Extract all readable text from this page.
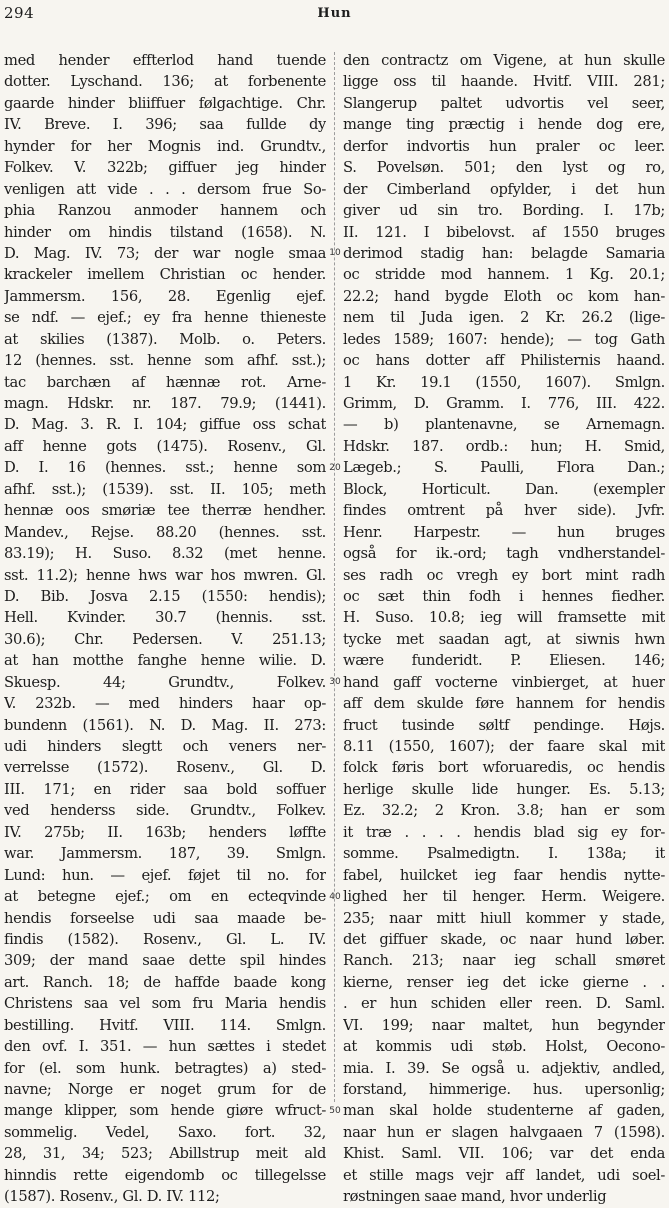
294	Hun
med hender effterlod hand tuende
dotter. Lyschand. 136; at forbenente
gaarde hinder bliiffuer følgachtige. Chr.
IV. Breve. I. 396; saa fullde dy
hynder for her Mognis ind. Grundtv.,
Folkev. V. 322b; giffuer jeg hinder
venligen att vide . . . dersom frue So-
phia Ranzou anmoder hannem och
hinder om hindis tilstand (1658). N.
D. Mag. IV. 73; der war nogle smaa
krackeler imellem Christian oc hender.
Jammersm. 156, 28. Egenlig ejef.
se ndf. — ejef.; ey fra henne thieneste
at skilies (1387). Molb. o. Peters.
12 (hennes. sst. henne som afhf. sst.);
tac barchæn af hænnæ rot. Arne-
magn. Hdskr. nr. 187. 79.9; (1441).
D. Mag. 3. R. I. 104; giffue oss schat
aff henne gots (1475). Rosenv., Gl.
D. I. 16 (hennes. sst.; henne som
afhf. sst.); (1539). sst. II. 105; meth
hennæ oos smøriæ tee therræ hendher.
Mandev., Rejse. 88.20 (hennes. sst.
83.19); H. Suso. 8.32 (met henne.
sst. 11.2); henne hws war hos mwren. Gl.
D. Bib. Josva 2.15 (1550: hendis);
Hell. Kvinder. 30.7 (hennis. sst.
30.6); Chr. Pedersen. V. 251.13;
at han motthe fanghe henne wilie. D.
Skuesp. 44; Grundtv., Folkev.
V. 232b. — med hinders haar op-
bundenn (1561). N. D. Mag. II. 273:
udi hinders slegtt och veners ner-
verrelsse (1572). Rosenv., Gl. D.
III. 171; en rider saa bold soffuer
ved henderss side. Grundtv., Folkev.
IV. 275b; II. 163b; henders løffte
war. Jammersm. 187, 39. Smlgn.
Lund: hun. — ejef. føjet til no. for
at betegne ejef.; om en ecteqvinde
hendis forseelse udi saa maade be-
findis (1582). Rosenv., Gl. L. IV.
309; der mand saae dette spil hindes
art. Ranch. 18; de haffde baade kong
Christens saa vel som fru Maria hendis
bestilling. Hvitf. VIII. 114. Smlgn.
den ovf. I. 351. — hun sættes i stedet
for (el. som hunk. betragtes) a) sted-
navne; Norge er noget grum for de
mange klipper, som hende giøre wfruct-
sommelig. Vedel, Saxo. fort. 32,
28, 31, 34; 523; Abillstrup meit ald
hinndis rette eigendomb oc tillegelsse
(1587). Rosenv., Gl. D. IV. 112;
den contractz om Vigene, at hun skulle
ligge oss til haande. Hvitf. VIII. 281;
Slangerup paltet udvortis vel seer,
mange ting præctig i hende dog ere,
derfor indvortis hun praler oc leer.
S. Povelsøn. 501; den lyst og ro,
der Cimberland opfylder, i det hun
giver ud sin tro. Bording. I. 17b;
II. 121. I bibelovst. af 1550 bruges
derimod stadig han: belagde Samaria
oc stridde mod hannem. 1 Kg. 20.1;
22.2; hand bygde Eloth oc kom han-
nem til Juda igen. 2 Kr. 26.2 (lige-
ledes 1589; 1607: hende); — tog Gath
oc hans dotter aff Philisternis haand.
1 Kr. 19.1 (1550, 1607). Smlgn.
Grimm, D. Gramm. I. 776, III. 422.
— b) plantenavne, se Arnemagn.
Hdskr. 187. ordb.: hun; H. Smid,
Lægeb.; S. Paulli, Flora Dan.;
Block, Horticult. Dan. (exempler
findes omtrent på hver side). Jvfr.
Henr. Harpestr. — hun bruges
også for ik.-ord; tagh vndherstandel-
ses radh oc vregh ey bort mint radh
oc sæt thin fodh i hennes fiedher.
H. Suso. 10.8; ieg will framsette mit
tycke met saadan agt, at siwnis hwn
wære funderidt. P. Eliesen. 146;
hand gaff vocterne vinbierget, at huer
aff dem skulde føre hannem for hendis
fruct tusinde søltf pendinge. Højs.
8.11 (1550, 1607); der faare skal mit
folck føris bort wforuaredis, oc hendis
herlige skulle lide hunger. Es. 5.13;
Ez. 32.2; 2 Kron. 3.8; han er som
it træ . . . . hendis blad sig ey for-
somme. Psalmedigtn. I. 138a; it
fabel, huilcket ieg faar hendis nytte-
lighed her til henger. Herm. Weigere.
235; naar mitt hiull kommer y stade,
det giffuer skade, oc naar hund løber.
Ranch. 213; naar ieg schall smøret
kierne, renser ieg det icke gierne . .
. er hun schiden eller reen. D. Saml.
VI. 199; naar maltet, hun begynder
at kommis udi støb. Holst, Oecono-
mia. I. 39. Se også u. adjektiv, andled,
forstand, himmerige. hus. upersonlig;
man skal holde studenterne af gaden,
naar hun er slagen halvgaaen 7 (1598).
Khist. Saml. VII. 106; var det enda
et stille mags vejr aff landet, udi soel-
røstningen saae mand, hvor underlig
10
20
30
40
50
